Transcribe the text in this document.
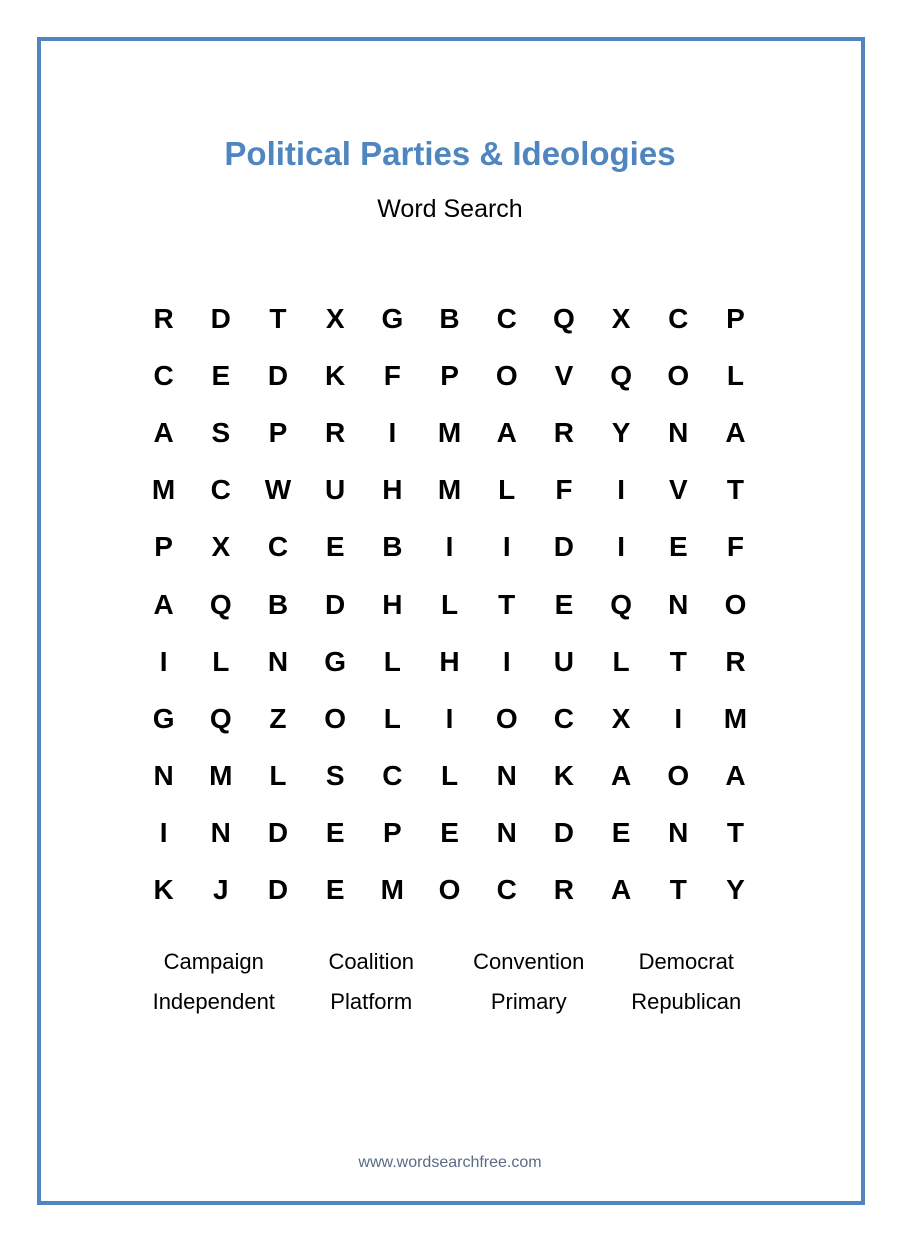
Political Parties & Ideologies
Word Search
R	D	T	X	G	B	C	Q	X	C	P
C	E	D	K	F	P	O	V	Q	O	L
A	S	P	R	I	M	A	R	Y	N	A
M	C	W	U	H	M	L	F	I	V	T
P	X	C	E	B	I	I	D	I	E	F
A	Q	B	D	H	L	T	E	Q	N	O
I	L	N	G	L	H	I	U	L	T	R
G	Q	Z	O	L	I	O	C	X	I	M
N	M	L	S	C	L	N	K	A	O	A
I	N	D	E	P	E	N	D	E	N	T
K	J	D	E	M	O	C	R	A	T	Y
Campaign	Coalition	Convention	Democrat
Independent	Platform	Primary	Republican
www.wordsearchfree.com
